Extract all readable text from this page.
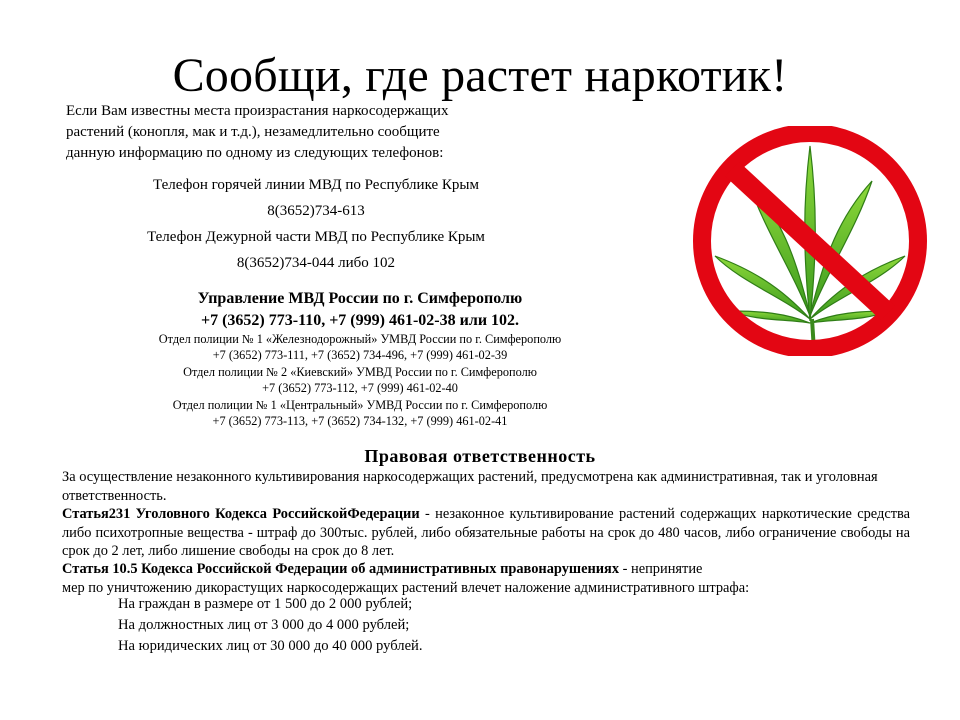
Сообщи, где растет наркотик!
Если Вам известны места произрастания наркосодержащих
растений (конопля, мак и т.д.), незамедлительно сообщите
данную информацию по одному из следующих телефонов:
Телефон горячей линии МВД по Республике Крым
8(3652)734-613
Телефон Дежурной части МВД по Республике Крым
8(3652)734-044 либо 102
Управление МВД России по г. Симферополю
+7 (3652) 773-110, +7 (999) 461-02-38 или 102.
Отдел полиции № 1 «Железнодорожный» УМВД России по г. Симферополю
+7 (3652) 773-111, +7 (3652) 734-496, +7 (999) 461-02-39
Отдел полиции № 2 «Киевский» УМВД России по г. Симферополю
+7 (3652) 773-112, +7 (999) 461-02-40
Отдел полиции № 1 «Центральный» УМВД России по г. Симферополю
+7 (3652) 773-113, +7 (3652) 734-132, +7 (999) 461-02-41
Правовая ответственность
За осуществление незаконного культивирования наркосодержащих растений, предусмотрена как административная, так и уголовная ответственность.
Статья231 Уголовного Кодекса РоссийскойФедерации - незаконное культивирование растений содержащих наркотические средства либо психотропные вещества - штраф до 300тыс. рублей, либо обязательные работы на срок до 480 часов, либо ограничение свободы на срок до 2 лет, либо лишение свободы на срок до 8 лет.
Статья 10.5 Кодекса Российской Федерации об административных правонарушениях - непринятие
мер по уничтожению дикорастущих наркосодержащих растений влечет наложение административного штрафа:
На граждан в размере от 1 500 до 2 000 рублей;
На должностных лиц от 3 000 до 4 000 рублей;
На юридических лиц от 30 000 до 40 000 рублей.
